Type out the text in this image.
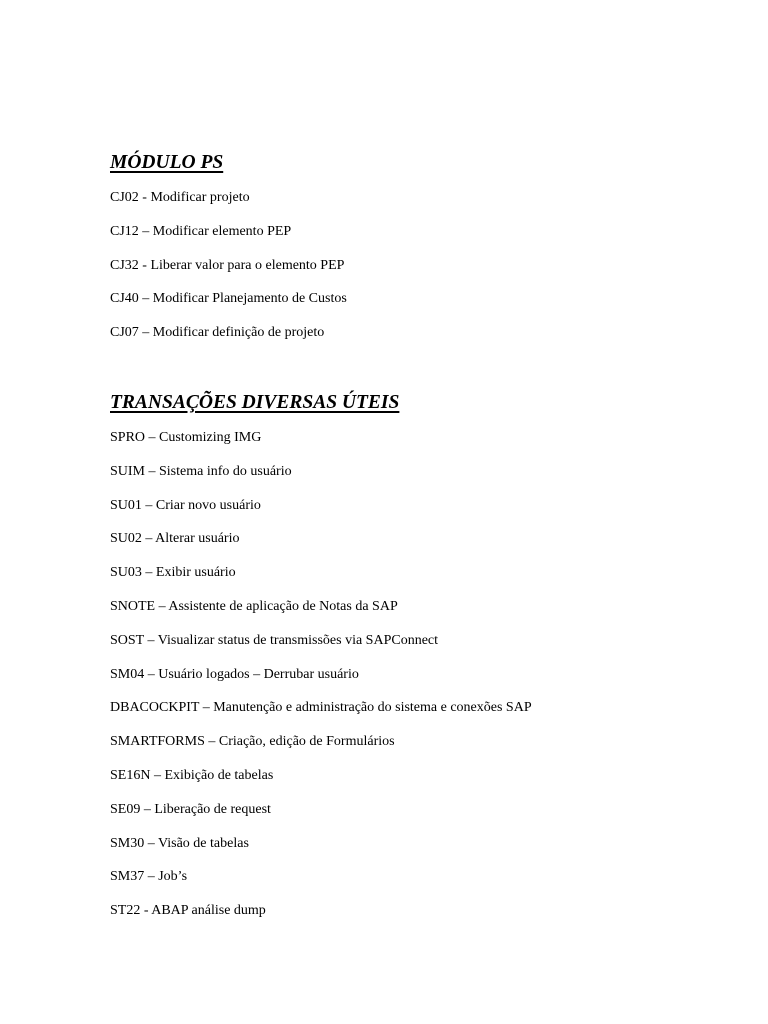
MÓDULO PS
CJ02 - Modificar projeto
CJ12 – Modificar elemento PEP
CJ32 - Liberar valor para o elemento PEP
CJ40 – Modificar Planejamento de Custos
CJ07 – Modificar definição de projeto
TRANSAÇÕES DIVERSAS ÚTEIS
SPRO – Customizing IMG
SUIM – Sistema info do usuário
SU01 – Criar novo usuário
SU02 – Alterar usuário
SU03 – Exibir usuário
SNOTE – Assistente de aplicação de Notas da SAP
SOST – Visualizar status de transmissões via SAPConnect
SM04 – Usuário logados – Derrubar usuário
DBACOCKPIT – Manutenção e administração do sistema e conexões SAP
SMARTFORMS – Criação, edição de Formulários
SE16N – Exibição de tabelas
SE09 – Liberação de request
SM30 – Visão de tabelas
SM37 – Job’s
ST22 - ABAP análise dump
